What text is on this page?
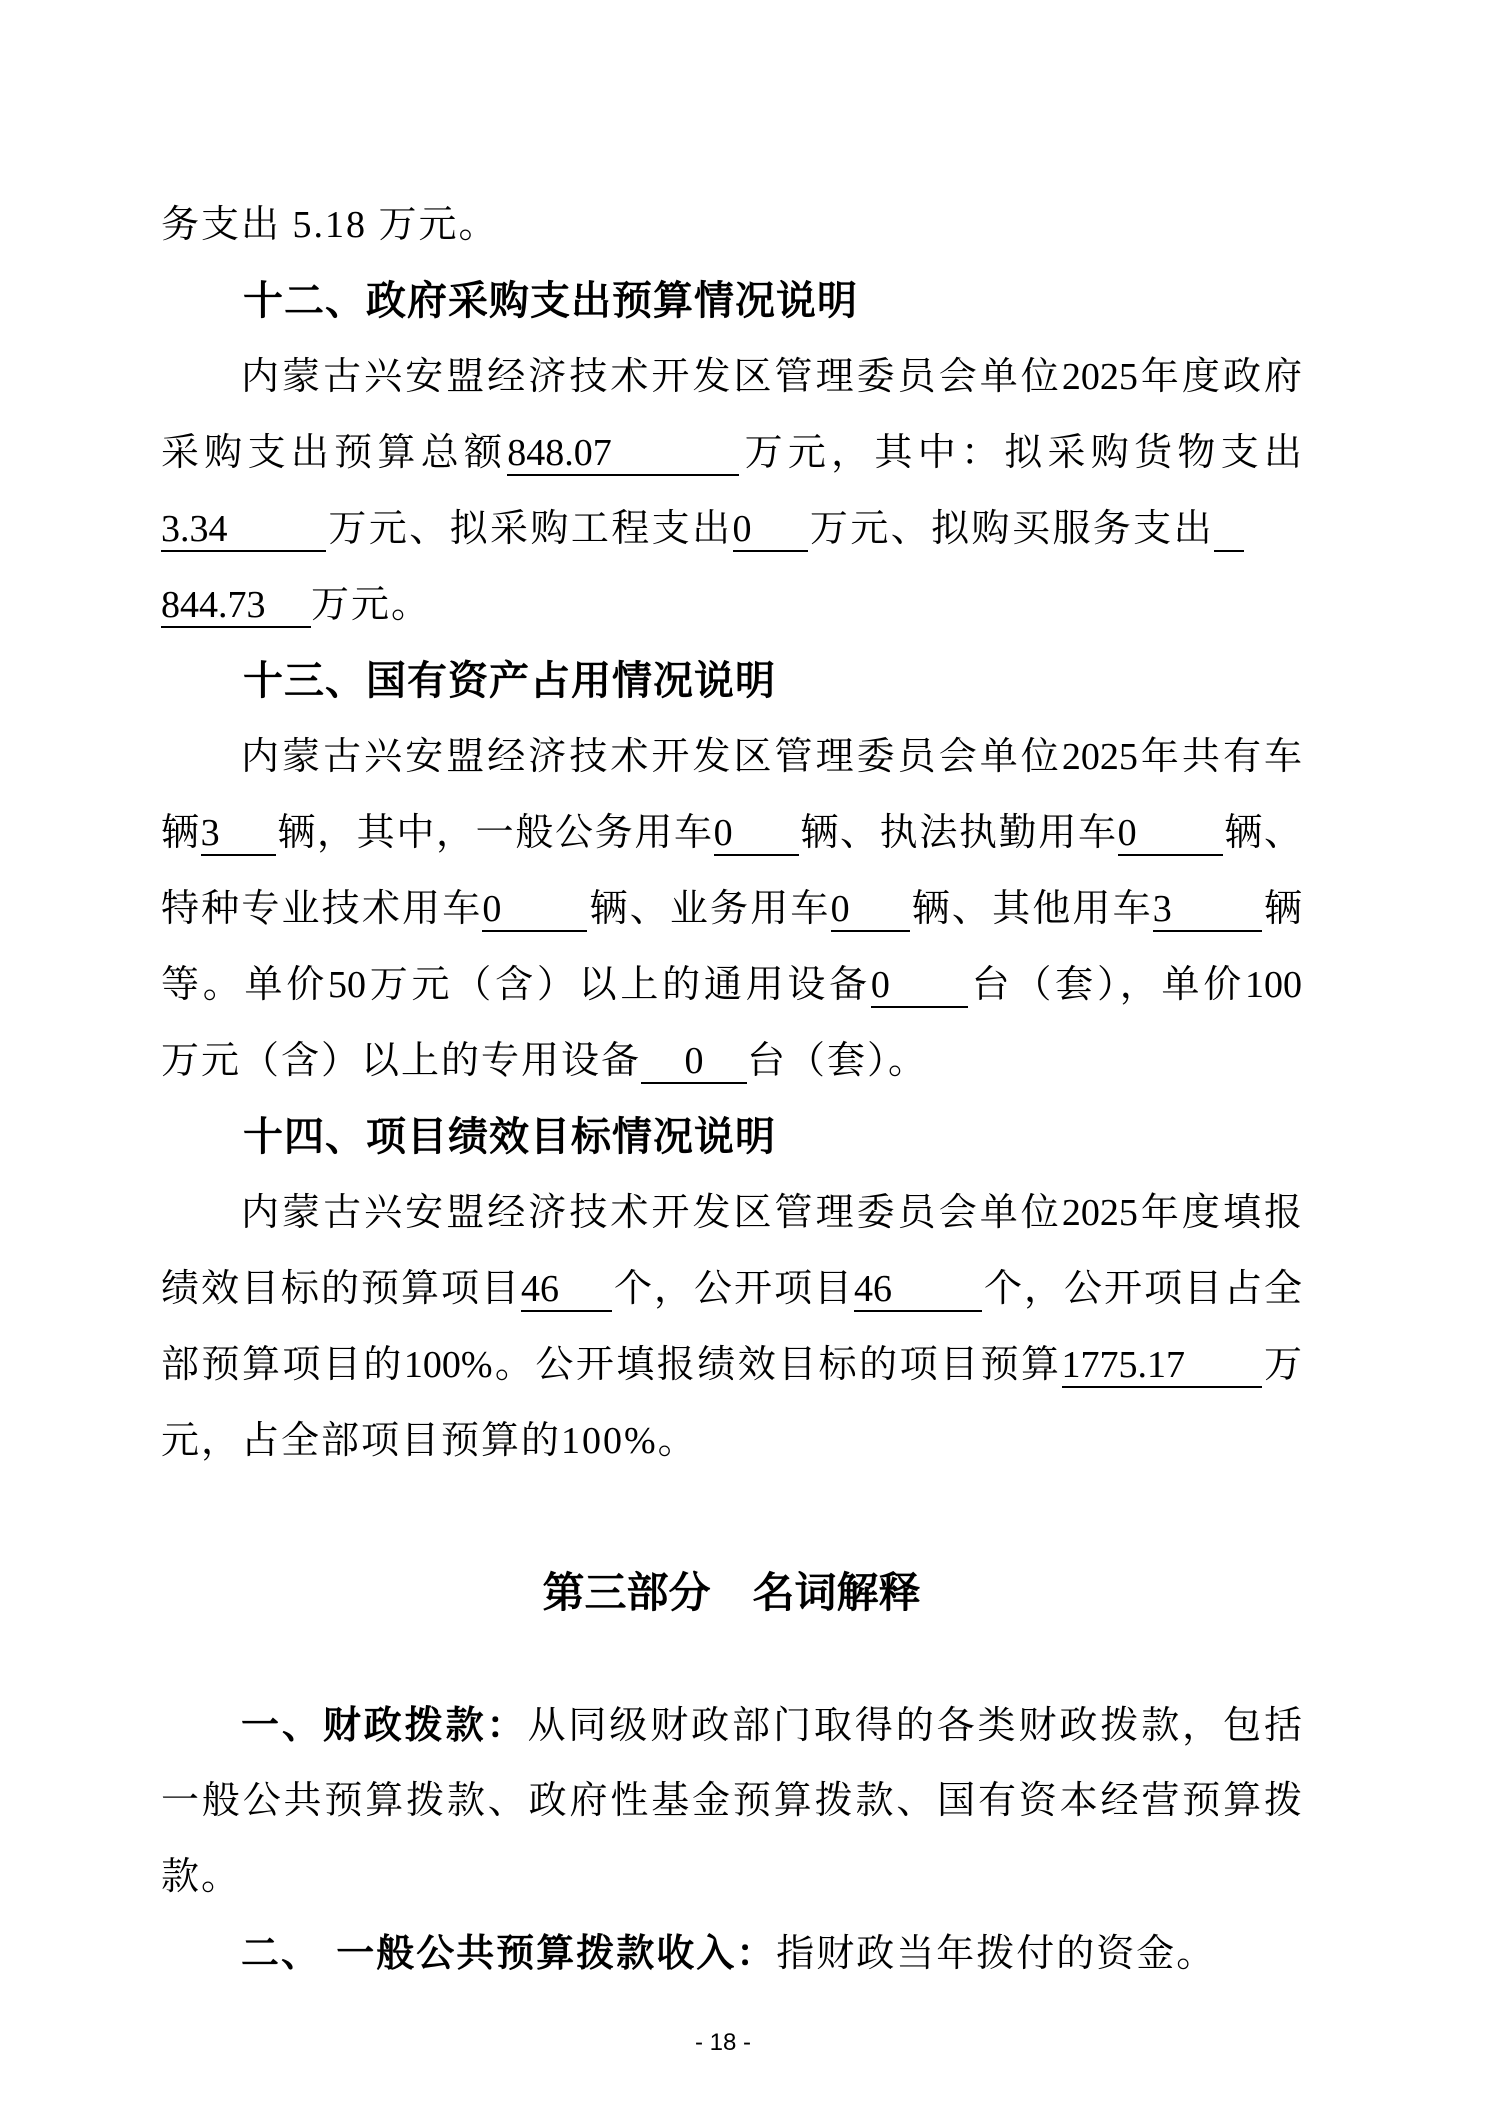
务支出 5.18 万元。
十二、政府采购支出预算情况说明
内蒙古兴安盟经济技术开发区管理委员会单位2025年度政府
采购支出预算总额848.07	万元，其中：拟采购货物支出
3.34	万元、拟采购工程支出0 万元、拟购买服务支出
844.73 万元。
十三、国有资产占用情况说明
内蒙古兴安盟经济技术开发区管理委员会单位2025年共有车
辆3 辆，其中，一般公务用车0 辆、执法执勤用车0 辆、
特种专业技术用车0 辆、业务用车0 辆、其他用车3 辆
等。单价50万元（含）以上的通用设备0 台（套），单价100
万元（含）以上的专用设备 0 台（套）。
十四、项目绩效目标情况说明
内蒙古兴安盟经济技术开发区管理委员会单位2025年度填报
绩效目标的预算项目46 个，公开项目46 个，公开项目占全
部预算项目的100%。公开填报绩效目标的项目预算1775.17 万
元，占全部项目预算的100%。
第三部分　名词解释
一、财政拨款：从同级财政部门取得的各类财政拨款，包括
一般公共预算拨款、政府性基金预算拨款、国有资本经营预算拨
款。
二、 一般公共预算拨款收入：指财政当年拨付的资金。
- 18 -
